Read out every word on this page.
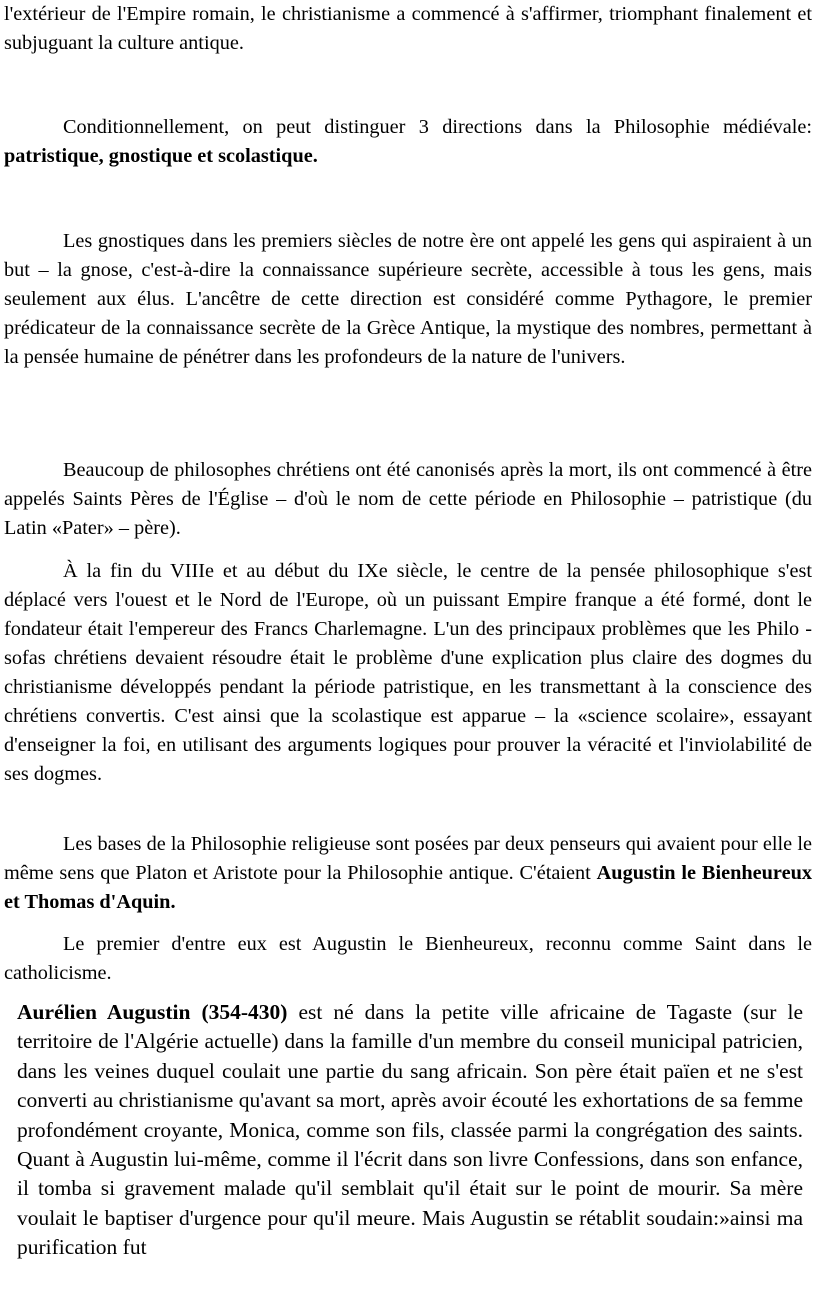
l'extérieur de l'Empire romain, le christianisme a commencé à s'affirmer, triomphant finalement et subjuguant la culture antique.

Conditionnellement, on peut distinguer 3 directions dans la Philosophie médiévale: patristique, gnostique et scolastique.

Les gnostiques dans les premiers siècles de notre ère ont appelé les gens qui aspiraient à un but – la gnose, c'est-à-dire la connaissance supérieure secrète, accessible à tous les gens, mais seulement aux élus. L'ancêtre de cette direction est considéré comme Pythagore, le premier prédicateur de la connaissance secrète de la Grèce Antique, la mystique des nombres, permettant à la pensée humaine de pénétrer dans les profondeurs de la nature de l'univers.

Beaucoup de philosophes chrétiens ont été canonisés après la mort, ils ont commencé à être appelés Saints Pères de l'Église – d'où le nom de cette période en Philosophie – patristique (du Latin «Pater» – père).

À la fin du VIIIe et au début du IXe siècle, le centre de la pensée philosophique s'est déplacé vers l'ouest et le Nord de l'Europe, où un puissant Empire franque a été formé, dont le fondateur était l'empereur des Francs Charlemagne. L'un des principaux problèmes que les Philo - sofas chrétiens devaient résoudre était le problème d'une explication plus claire des dogmes du christianisme développés pendant la période patristique, en les transmettant à la conscience des chrétiens convertis. C'est ainsi que la scolastique est apparue – la «science scolaire», essayant d'enseigner la foi, en utilisant des arguments logiques pour prouver la véracité et l'inviolabilité de ses dogmes.

Les bases de la Philosophie religieuse sont posées par deux penseurs qui avaient pour elle le même sens que Platon et Aristote pour la Philosophie antique. C'étaient Augustin le Bienheureux et Thomas d'Aquin.

Le premier d'entre eux est Augustin le Bienheureux, reconnu comme Saint dans le catholicisme.

Aurélien Augustin (354-430) est né dans la petite ville africaine de Tagaste (sur le territoire de l'Algérie actuelle) dans la famille d'un membre du conseil municipal patricien, dans les veines duquel coulait une partie du sang africain. Son père était païen et ne s'est converti au christianisme qu'avant sa mort, après avoir écouté les exhortations de sa femme profondément croyante, Monica, comme son fils, classée parmi la congrégation des saints. Quant à Augustin lui-même, comme il l'écrit dans son livre Confessions, dans son enfance, il tomba si gravement malade qu'il semblait qu'il était sur le point de mourir. Sa mère voulait le baptiser d'urgence pour qu'il meure. Mais Augustin se rétablit soudain:»ainsi ma purification fut
